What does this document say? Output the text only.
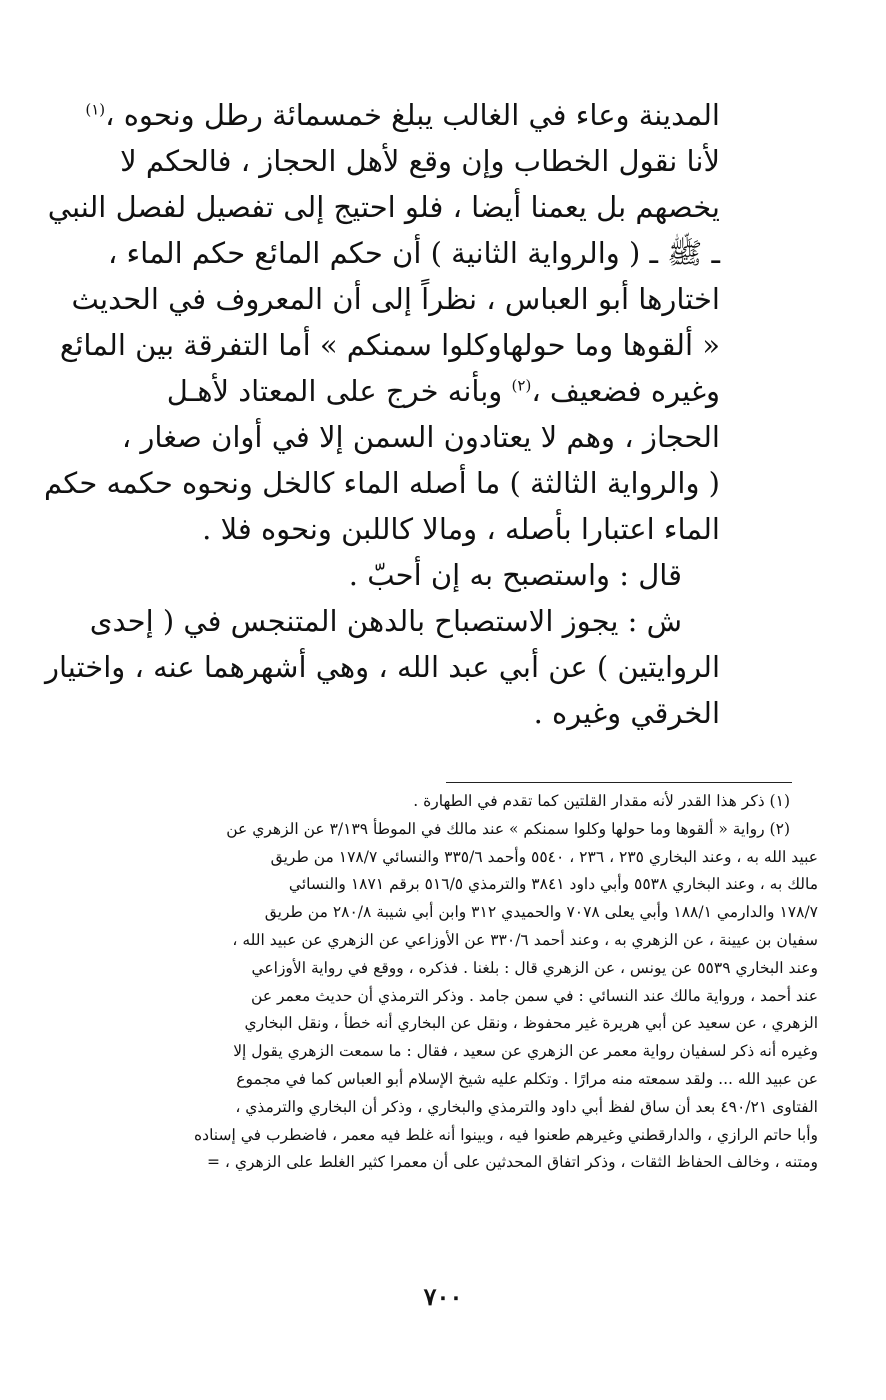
المدينة وعاء في الغالب يبلغ خمسمائة رطل ونحوه ،$^{(١)}$
لأنا نقول الخطاب وإن وقع لأهل الحجاز ، فالحكم لا
يخصهم بل يعمنا أيضا ، فلو احتيج إلى تفصيل لفصل النبي
ـ ﷺ ـ ( والرواية الثانية ) أن حكم المائع حكم الماء ،
اختارها أبو العباس ، نظراً إلى أن المعروف في الحديث
« ألقوها وما حولهاوكلوا سمنكم » أما التفرقة بين المائع
وغيره فضعيف ،$^{(٢)}$ وبأنه خرج على المعتاد لأهـل
الحجاز ، وهم لا يعتادون السمن إلا في أوان صغار ،
( والرواية الثالثة ) ما أصله الماء كالخل ونحوه حكمه حكم
الماء اعتبارا بأصله ، ومالا كاللبن ونحوه فلا .
قال : واستصبح به إن أحبّ .
ش : يجوز الاستصباح بالدهن المتنجس في ( إحدى
الروايتين ) عن أبي عبد الله ، وهي أشهرهما عنه ، واختيار
الخرقي وغيره .
(١) ذكر هذا القدر لأنه مقدار القلتين كما تقدم في الطهارة .
(٢) رواية « ألقوها وما حولها وكلوا سمنكم » عند مالك في الموطأ ٣/١٣٩ عن الزهري عن
عبيد الله به ، وعند البخاري ٢٣٥ ، ٢٣٦ ، ٥٥٤٠ وأحمد ٣٣٥/٦ والنسائي ١٧٨/٧ من طريق
مالك به ، وعند البخاري ٥٥٣٨ وأبي داود ٣٨٤١ والترمذي ٥١٦/٥ برقم ١٨٧١ والنسائي
١٧٨/٧ والدارمي ١٨٨/١ وأبي يعلى ٧٠٧٨ والحميدي ٣١٢ وابن أبي شيبة ٢٨٠/٨ من طريق
سفيان بن عيينة ، عن الزهري به ، وعند أحمد ٣٣٠/٦ عن الأوزاعي عن الزهري عن عبيد الله ،
وعند البخاري ٥٥٣٩ عن يونس ، عن الزهري قال : بلغنا . فذكره ، ووقع في رواية الأوزاعي
عند أحمد ، ورواية مالك عند النسائي : في سمن جامد . وذكر الترمذي أن حديث معمر عن
الزهري ، عن سعيد عن أبي هريرة غير محفوظ ، ونقل عن البخاري أنه خطأ ، ونقل البخاري
وغيره أنه ذكر لسفيان رواية معمر عن الزهري عن سعيد ، فقال : ما سمعت الزهري يقول إلا
عن عبيد الله ... ولقد سمعته منه مرارًا . وتكلم عليه شيخ الإسلام أبو العباس كما في مجموع
الفتاوى ٤٩٠/٢١ بعد أن ساق لفظ أبي داود والترمذي والبخاري ، وذكر أن البخاري والترمذي ،
وأبا حاتم الرازي ، والدارقطني وغيرهم طعنوا فيه ، وبينوا أنه غلط فيه معمر ، فاضطرب في إسناده
ومتنه ، وخالف الحفاظ الثقات ، وذكر اتفاق المحدثين على أن معمرا كثير الغلط على الزهري ، =
٧٠٠
